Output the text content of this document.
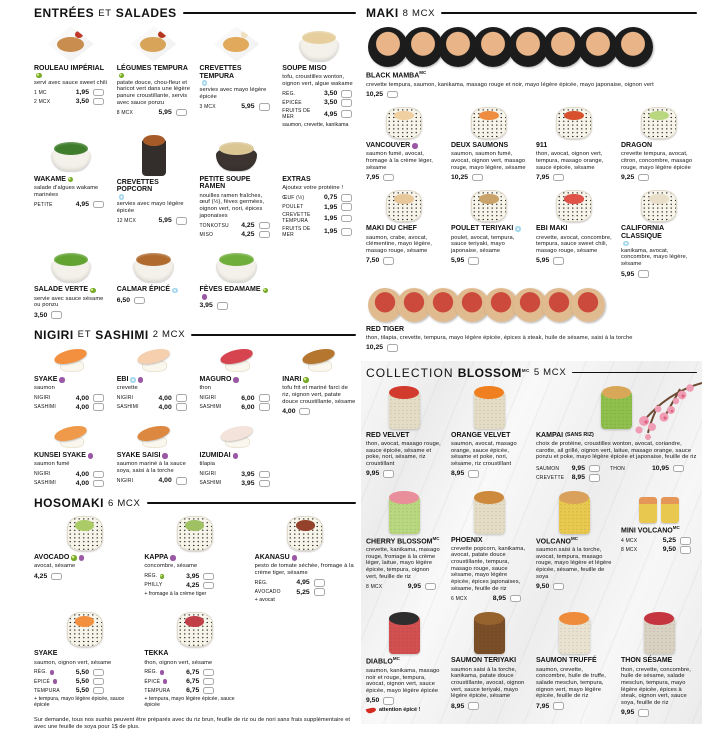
ENTRÉES ET SALADES
ROULEAU IMPÉRIAL
servi avec sauce sweet chili
1 MC	1,95
2 MCX	3,50
LÉGUMES TEMPURA
patate douce, chou-fleur et haricot vert dans une légère panure croustillante, servis avec sauce ponzu
8 MCX	5,95
CREVETTES TEMPURA
servies avec mayo légère épicée
3 MCX	5,95
SOUPE MISO
tofu, croustilles wonton, oignon vert, algue wakame
RÉG.	3,50
ÉPICÉE	3,50
FRUITS DE MER	4,95
saumon, crevette, kanikama
WAKAME
salade d'algues wakame marinées
PETITE	4,95
CREVETTES POPCORN
servies avec mayo légère épicée
12 MCX	5,95
PETITE SOUPE RAMEN
nouilles ramen fraîches, œuf (½), fèves germées, oignon vert, nori, épices japonaises
TONKOTSU	4,25
MISO	4,25
EXTRAS
Ajoutez votre protéine !
ŒUF (½)	0,75
POULET	1,95
CREVETTE TEMPURA	1,95
FRUITS DE MER	1,95
SALADE VERTE
servie avec sauce sésame ou ponzu
3,50
CALMAR ÉPICÉ
6,50
FÈVES EDAMAME
3,95
NIGIRI ET SASHIMI 2 MCX
SYAKE
saumon
NIGIRI	4,00
SASHIMI	4,00
EBI
crevette
NIGIRI	4,00
SASHIMI	4,00
MAGURO
thon
NIGIRI	6,00
SASHIMI	6,00
INARI
tofu frit et mariné farci de riz, oignon vert, patate douce croustillante, sésame
4,00
KUNSEI SYAKE
saumon fumé
NIGIRI	4,00
SASHIMI	4,00
SYAKE SAISI
saumon mariné à la sauce soya, saisi à la torche
NIGIRI	4,00
IZUMIDAI
tilapia
NIGIRI	3,95
SASHIMI	3,95
HOSOMAKI 6 MCX
AVOCADO
avocat, sésame
4,25
KAPPA
concombre, sésame
RÉG.	3,95
PHILLY	4,25
+ fromage à la crème tiger
AKANASU
pesto de tomate séchée, fromage à la crème tiger, sésame
RÉG.	4,95
AVOCADO	5,25
+ avocat
SYAKE
saumon, oignon vert, sésame
RÉG.	5,50
ÉPICÉ	5,50
TEMPURA	5,50
+ tempura, mayo légère épicée, sauce épicée
TEKKA
thon, oignon vert, sésame
RÉG.	6,75
ÉPICÉ	6,75
TEMPURA	6,75
+ tempura, mayo légère épicée, sauce épicée

Sur demande, tous nos sushis peuvent être préparés avec du riz brun, feuille de riz ou de nori sans frais supplémentaire et avec une feuille de soya pour 1$ de plus.

MAKI 8 MCX
BLACK $MAMBA^{MC}$
crevette tempura, saumon, kanikama, masago rouge et noir, mayo légère épicée, mayo japonaise, oignon vert
10,25
VANCOUVER
saumon fumé, avocat, fromage à la crème léger, sésame
7,95
DEUX SAUMONS
saumon, saumon fumé, avocat, oignon vert, masago rouge, mayo légère, sésame
10,25
911
thon, avocat, oignon vert, tempura, masago orange, sauce épicée, sésame
7,95
DRAGON
crevette tempura, avocat, citron, concombre, masago rouge, mayo légère épicée
9,25
MAKI DU CHEF
saumon, crabe, avocat, clémentine, mayo légère, masago rouge, sésame
7,50
POULET TERIYAKI
poulet, avocat, tempura, sauce teriyaki, mayo japonaise, sésame
5,95
EBI MAKI
crevette, avocat, concombre, tempura, sauce sweet chili, masago rouge, sésame
5,95
CALIFORNIA CLASSIQUE
kanikama, avocat, concombre, mayo légère, sésame
5,95
RED TIGER
thon, tilapia, crevette, tempura, mayo légère épicée, épices à steak, huile de sésame, saisi à la torche
10,25
COLLECTION $BLOSSOM^{MC}$ 5 MCX
RED VELVET
thon, avocat, masago rouge, sauce épicée, sésame et poke, nori, sésame, riz croustillant
9,95
ORANGE VELVET
saumon, avocat, masago orange, sauce épicée, sésame et poke, nori, sésame, riz croustillant
8,95
KAMPAI (SANS RIZ)
choix de protéine, croustilles wonton, avocat, coriandre, carotte, ail grillé, oignon vert, laitue, masago orange, sauce ponzu et poke, mayo légère épicée et japonaise, feuille de riz
SAUMON	9,95	THON	10,95
CREVETTE	8,95
CHERRY $BLOSSOM^{MC}$
crevette, kanikama, masago rouge, fromage à la crème léger, laitue, mayo légère épicée, tempura, oignon vert, feuille de riz
8 MCX	9,95
PHOENIX
crevette popcorn, kanikama, avocat, patate douce croustillante, tempura, masago rouge, sauce sésame, mayo légère épicée, épices japonaises, sésame, feuille de riz
6 MCX	8,95
$VOLCANO^{MC}$
saumon saisi à la torche, avocat, tempura, masago rouge, mayo légère et légère épicée, sésame, feuille de soya
9,50
MINI $VOLCANO^{MC}$
4 MCX	5,25
8 MCX	9,50
$DIABLO^{MC}$
saumon, kanikama, masago noir et rouge, tempura, avocat, oignon vert, sauce épicée, mayo légère épicée
9,50
attention épicé !
SAUMON TERIYAKI
saumon saisi à la torche, kanikama, patate douce croustillante, avocat, oignon vert, sauce teriyaki, mayo légère épicée, sésame
8,95
SAUMON TRUFFÉ
saumon, crevette, concombre, huile de truffe, salade mesclun, tempura, oignon vert, mayo légère épicée, feuille de riz
7,95
THON SÉSAME
thon, crevette, concombre, huile de sésame, salade mesclun, tempura, mayo légère épicée, épices à steak, oignon vert, sauce soya, feuille de riz
9,95
